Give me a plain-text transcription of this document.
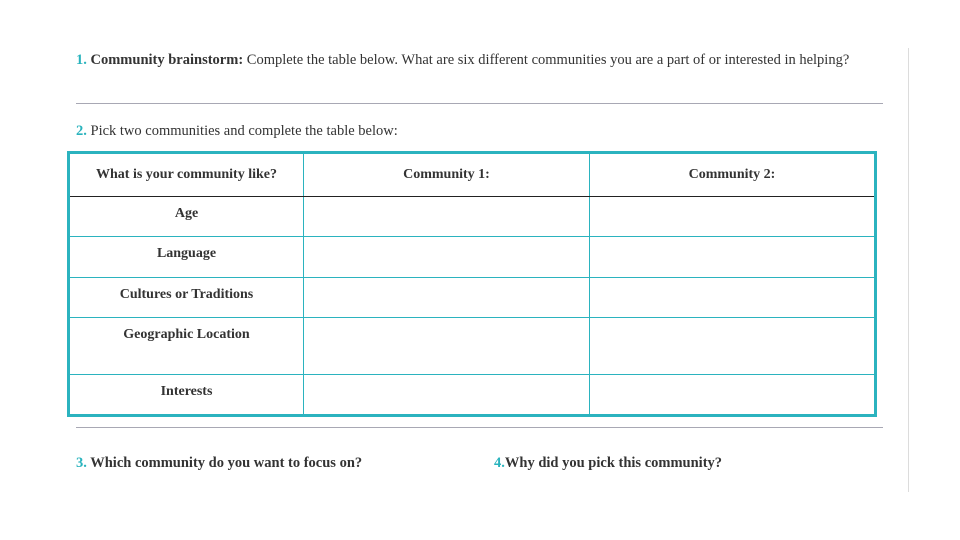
1. Community brainstorm: Complete the table below. What are six different communities you are a part of or interested in helping?
2. Pick two communities and complete the table below:
What is your community like?	Community 1:	Community 2:
Age		
Language		
Cultures or Traditions		
Geographic Location		
Interests		
3. Which community do you want to focus on?	4.Why did you pick this community?
